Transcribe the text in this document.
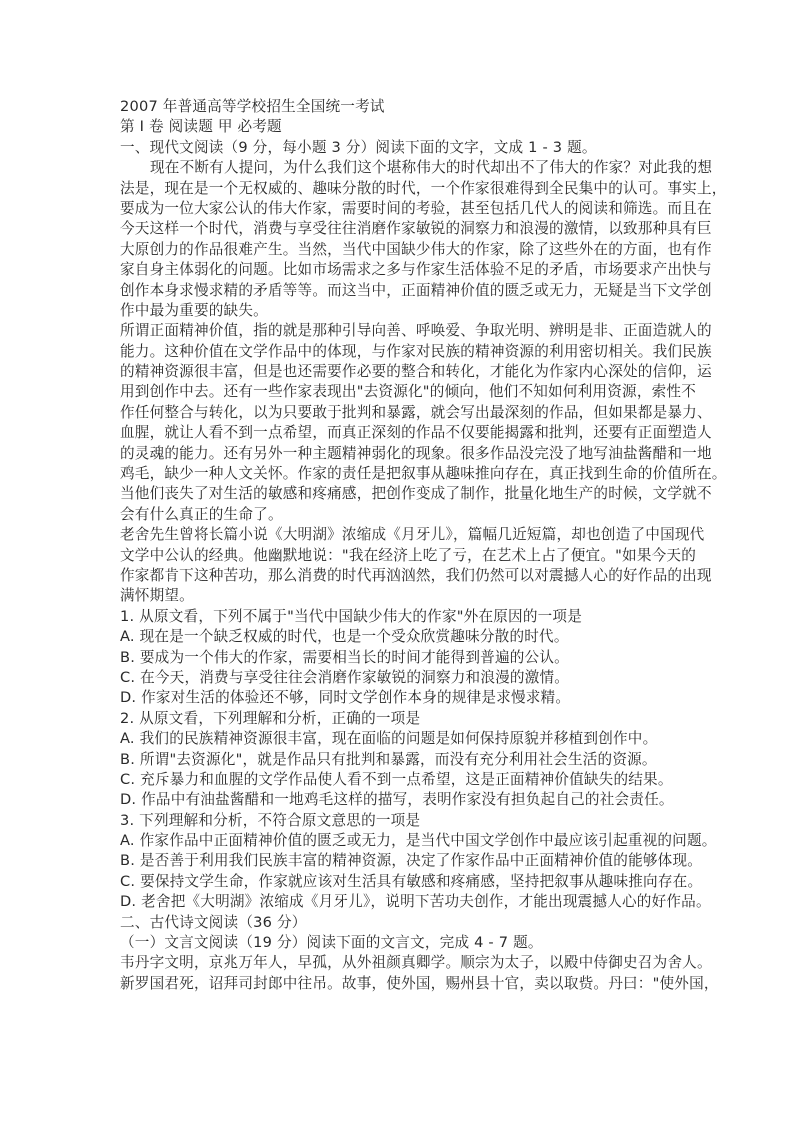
2007 年普通高等学校招生全国统一考试
第 I 卷 阅读题 甲 必考题
一、现代文阅读（9 分，每小题 3 分）阅读下面的文字，文成 1 - 3 题。
现在不断有人提问，为什么我们这个堪称伟大的时代却出不了伟大的作家？对此我的想
法是，现在是一个无权威的、趣味分散的时代，一个作家很难得到全民集中的认可。事实上，
要成为一位大家公认的伟大作家，需要时间的考验，甚至包括几代人的阅读和筛选。而且在
今天这样一个时代，消费与享受往往消磨作家敏锐的洞察力和浪漫的激情，以致那种具有巨
大原创力的作品很难产生。当然，当代中国缺少伟大的作家，除了这些外在的方面，也有作
家自身主体弱化的问题。比如市场需求之多与作家生活体验不足的矛盾，市场要求产出快与
创作本身求慢求精的矛盾等等。而这当中，正面精神价值的匮乏或无力，无疑是当下文学创
作中最为重要的缺失。
所谓正面精神价值，指的就是那种引导向善、呼唤爱、争取光明、辨明是非、正面造就人的
能力。这种价值在文学作品中的体现，与作家对民族的精神资源的利用密切相关。我们民族
的精神资源很丰富，但是也还需要作必要的整合和转化，才能化为作家内心深处的信仰，运
用到创作中去。还有一些作家表现出"去资源化"的倾向，他们不知如何利用资源，索性不
作任何整合与转化，以为只要敢于批判和暴露，就会写出最深刻的作品，但如果都是暴力、
血腥，就让人看不到一点希望，而真正深刻的作品不仅要能揭露和批判，还要有正面塑造人
的灵魂的能力。还有另外一种主题精神弱化的现象。很多作品没完没了地写油盐酱醋和一地
鸡毛，缺少一种人文关怀。作家的责任是把叙事从趣味推向存在，真正找到生命的价值所在。
当他们丧失了对生活的敏感和疼痛感，把创作变成了制作，批量化地生产的时候，文学就不
会有什么真正的生命了。
老舍先生曾将长篇小说《大明湖》浓缩成《月牙儿》，篇幅几近短篇，却也创造了中国现代
文学中公认的经典。他幽默地说："我在经济上吃了亏，在艺术上占了便宜。"如果今天的
作家都肯下这种苦功，那么消费的时代再汹汹然，我们仍然可以对震撼人心的好作品的出现
满怀期望。
1. 从原文看，下列不属于"当代中国缺少伟大的作家"外在原因的一项是
A. 现在是一个缺乏权威的时代，也是一个受众欣赏趣味分散的时代。
B. 要成为一个伟大的作家，需要相当长的时间才能得到普遍的公认。
C. 在今天，消费与享受往往会消磨作家敏锐的洞察力和浪漫的激情。
D. 作家对生活的体验还不够，同时文学创作本身的规律是求慢求精。
2. 从原文看，下列理解和分析，正确的一项是
A. 我们的民族精神资源很丰富，现在面临的问题是如何保持原貌并移植到创作中。
B. 所谓"去资源化"，就是作品只有批判和暴露，而没有充分利用社会生活的资源。
C. 充斥暴力和血腥的文学作品使人看不到一点希望，这是正面精神价值缺失的结果。
D. 作品中有油盐酱醋和一地鸡毛这样的描写，表明作家没有担负起自己的社会责任。
3. 下列理解和分析，不符合原文意思的一项是
A. 作家作品中正面精神价值的匮乏或无力，是当代中国文学创作中最应该引起重视的问题。
B. 是否善于利用我们民族丰富的精神资源，决定了作家作品中正面精神价值的能够体现。
C. 要保持文学生命，作家就应该对生活具有敏感和疼痛感，坚持把叙事从趣味推向存在。
D. 老舍把《大明湖》浓缩成《月牙儿》，说明下苦功夫创作，才能出现震撼人心的好作品。
二、古代诗文阅读（36 分）
（一）文言文阅读（19 分）阅读下面的文言文，完成 4 - 7 题。
韦丹字文明，京兆万年人，早孤，从外祖颜真卿学。顺宗为太子，以殿中侍御史召为舍人。
新罗国君死，诏拜司封郎中往吊。故事，使外国，赐州县十官，卖以取赀。丹曰："使外国，
